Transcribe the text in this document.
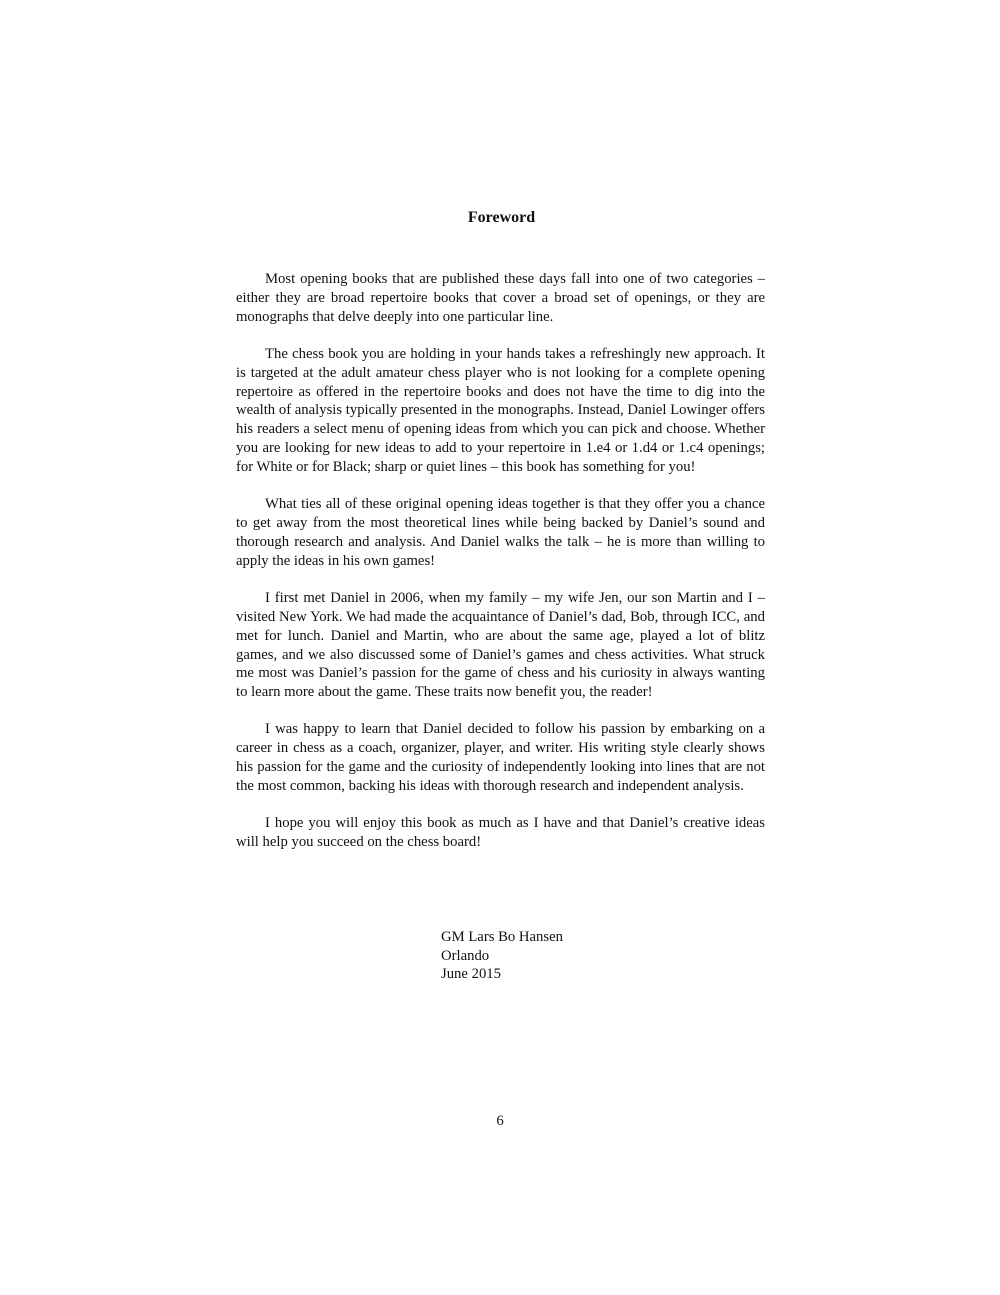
Foreword

Most opening books that are published these days fall into one of two categories – either they are broad repertoire books that cover a broad set of openings, or they are monographs that delve deeply into one particular line.

The chess book you are holding in your hands takes a refreshingly new approach. It is targeted at the adult amateur chess player who is not looking for a complete opening repertoire as offered in the repertoire books and does not have the time to dig into the wealth of analysis typically presented in the monographs. Instead, Daniel Lowinger offers his readers a select menu of opening ideas from which you can pick and choose. Whether you are looking for new ideas to add to your repertoire in 1.e4 or 1.d4 or 1.c4 openings; for White or for Black; sharp or quiet lines – this book has something for you!

What ties all of these original opening ideas together is that they offer you a chance to get away from the most theoretical lines while being backed by Daniel’s sound and thorough research and analysis. And Daniel walks the talk – he is more than willing to apply the ideas in his own games!

I first met Daniel in 2006, when my family – my wife Jen, our son Martin and I – visited New York. We had made the acquaintance of Daniel’s dad, Bob, through ICC, and met for lunch. Daniel and Martin, who are about the same age, played a lot of blitz games, and we also discussed some of Daniel’s games and chess activities. What struck me most was Daniel’s passion for the game of chess and his curiosity in always wanting to learn more about the game. These traits now benefit you, the reader!

I was happy to learn that Daniel decided to follow his passion by embarking on a career in chess as a coach, organizer, player, and writer. His writing style clearly shows his passion for the game and the curiosity of independently looking into lines that are not the most common, backing his ideas with thorough research and independent analysis.

I hope you will enjoy this book as much as I have and that Daniel’s creative ideas will help you succeed on the chess board!

GM Lars Bo Hansen
Orlando
June 2015
6
